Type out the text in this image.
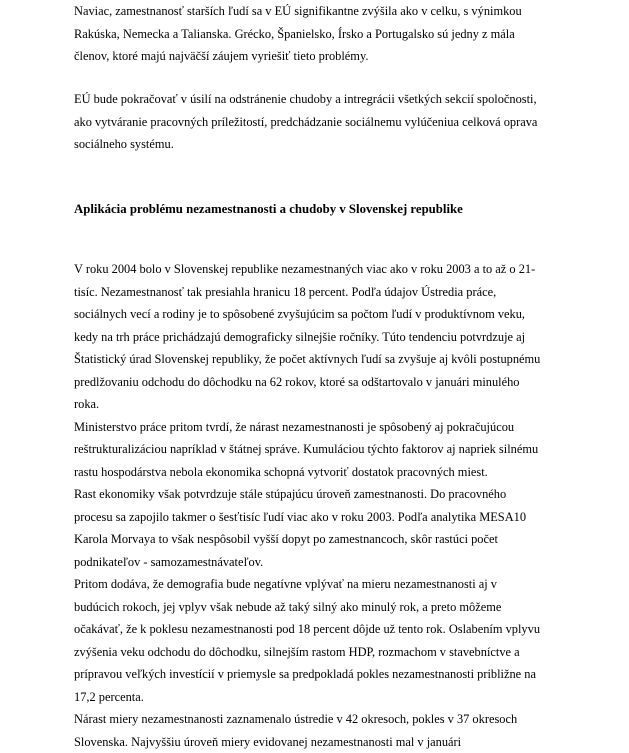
Naviac, zamestnanosť starších ľudí sa v EÚ signifikantne zvýšila ako v celku, s výnimkou
Rakúska, Nemecka a Talianska. Grécko, Španielsko, Írsko a Portugalsko sú jedny z mála
členov, ktoré majú najväčší záujem vyriešiť tieto problémy.
EÚ bude pokračovať v úsilí na odstránenie chudoby a intregrácii všetkých sekcií spoločnosti,
ako vytváranie pracovných príležitostí, predchádzanie sociálnemu vylúčeniua celková oprava
sociálneho systému.
Aplikácia problému nezamestnanosti a chudoby v Slovenskej republike
V roku 2004 bolo v Slovenskej republike nezamestnaných viac ako v roku 2003 a to až o 21-
tisíc. Nezamestnanosť tak presiahla hranicu 18 percent. Podľa údajov Ústredia práce,
sociálnych vecí a rodiny je to spôsobené zvyšujúcim sa počtom ľudí v produktívnom veku,
kedy na trh práce prichádzajú demograficky silnejšie ročníky. Túto tendenciu potvrdzuje aj
Štatistický úrad Slovenskej republiky, že počet aktívnych ľudí sa zvyšuje aj kvôli postupnému
predlžovaniu odchodu do dôchodku na 62 rokov, ktoré sa odštartovalo v januári minulého
roka.
Ministerstvo práce pritom tvrdí, že nárast nezamestnanosti je spôsobený aj pokračujúcou
reštrukturalizáciou napríklad v štátnej správe. Kumuláciou týchto faktorov aj napriek silnému
rastu hospodárstva nebola ekonomika schopná vytvoriť dostatok pracovných miest.
Rast ekonomiky však potvrdzuje stále stúpajúcu úroveň zamestnanosti. Do pracovného
procesu sa zapojilo takmer o šesťtisíc ľudí viac ako v roku 2003. Podľa analytika MESA10
Karola Morvaya to však nespôsobil vyšší dopyt po zamestnancoch, skôr rastúci počet
podnikateľov - samozamestnávateľov.
Pritom dodáva, že demografia bude negatívne vplývať na mieru nezamestnanosti aj v
budúcich rokoch, jej vplyv však nebude až taký silný ako minulý rok, a preto môžeme
očakávať, že k poklesu nezamestnanosti pod 18 percent dôjde už tento rok. Oslabením vplyvu
zvýšenia veku odchodu do dôchodku, silnejším rastom HDP, rozmachom v stavebníctve a
prípravou veľkých investícií v priemysle sa predpokladá pokles nezamestnanosti približne na
17,2 percenta.
Nárast miery nezamestnanosti zaznamenalo ústredie v 42 okresoch, pokles v 37 okresoch
Slovenska. Najvyššiu úroveň miery evidovanej nezamestnanosti mal v januári
